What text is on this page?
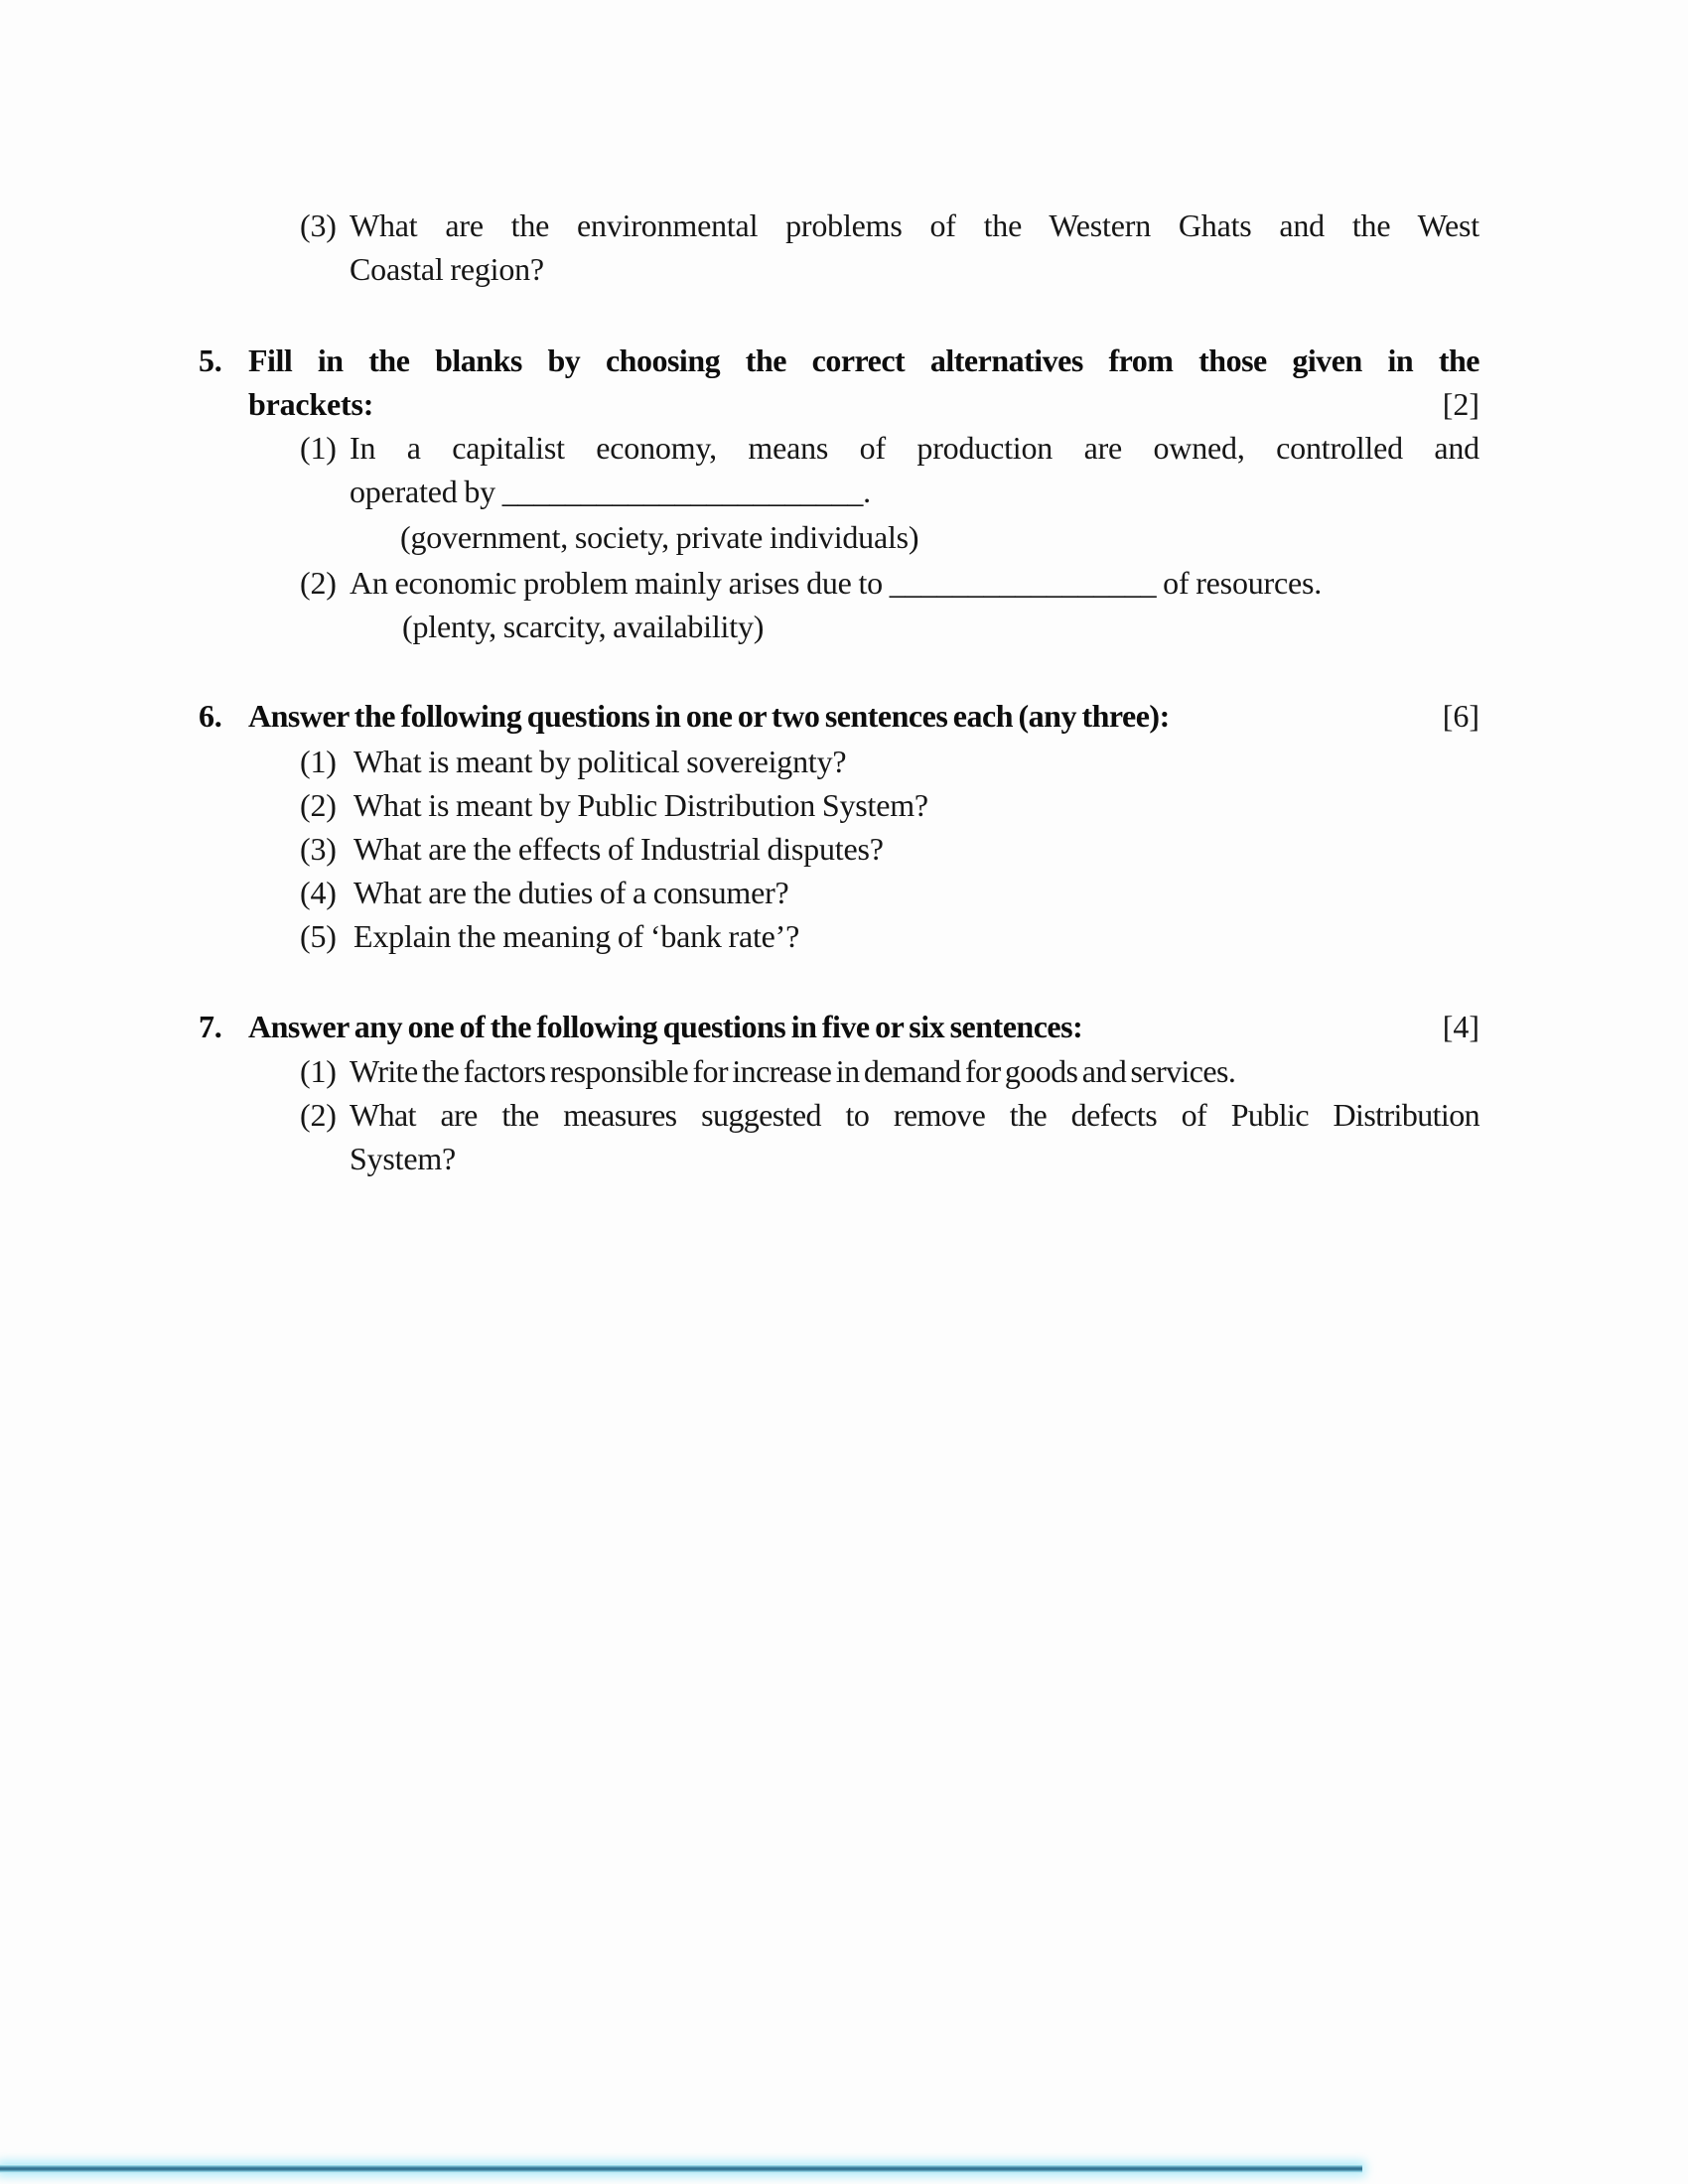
(3) What are the environmental problems of the Western Ghats and the West
Coastal region?
5. Fill in the blanks by choosing the correct alternatives from those given in the
brackets:	[2]
(1) In a capitalist economy, means of production are owned, controlled and
operated by _______________________.
(government, society, private individuals)
(2) An economic problem mainly arises due to _________________ of resources.
(plenty, scarcity, availability)
6. Answer the following questions in one or two sentences each (any three):	[6]
(1) What is meant by political sovereignty?
(2) What is meant by Public Distribution System?
(3) What are the effects of Industrial disputes?
(4) What are the duties of a consumer?
(5) Explain the meaning of ‘bank rate’?
7. Answer any one of the following questions in five or six sentences:	[4]
(1) Write the factors responsible for increase in demand for goods and services.
(2) What are the measures suggested to remove the defects of Public Distribution
System?
